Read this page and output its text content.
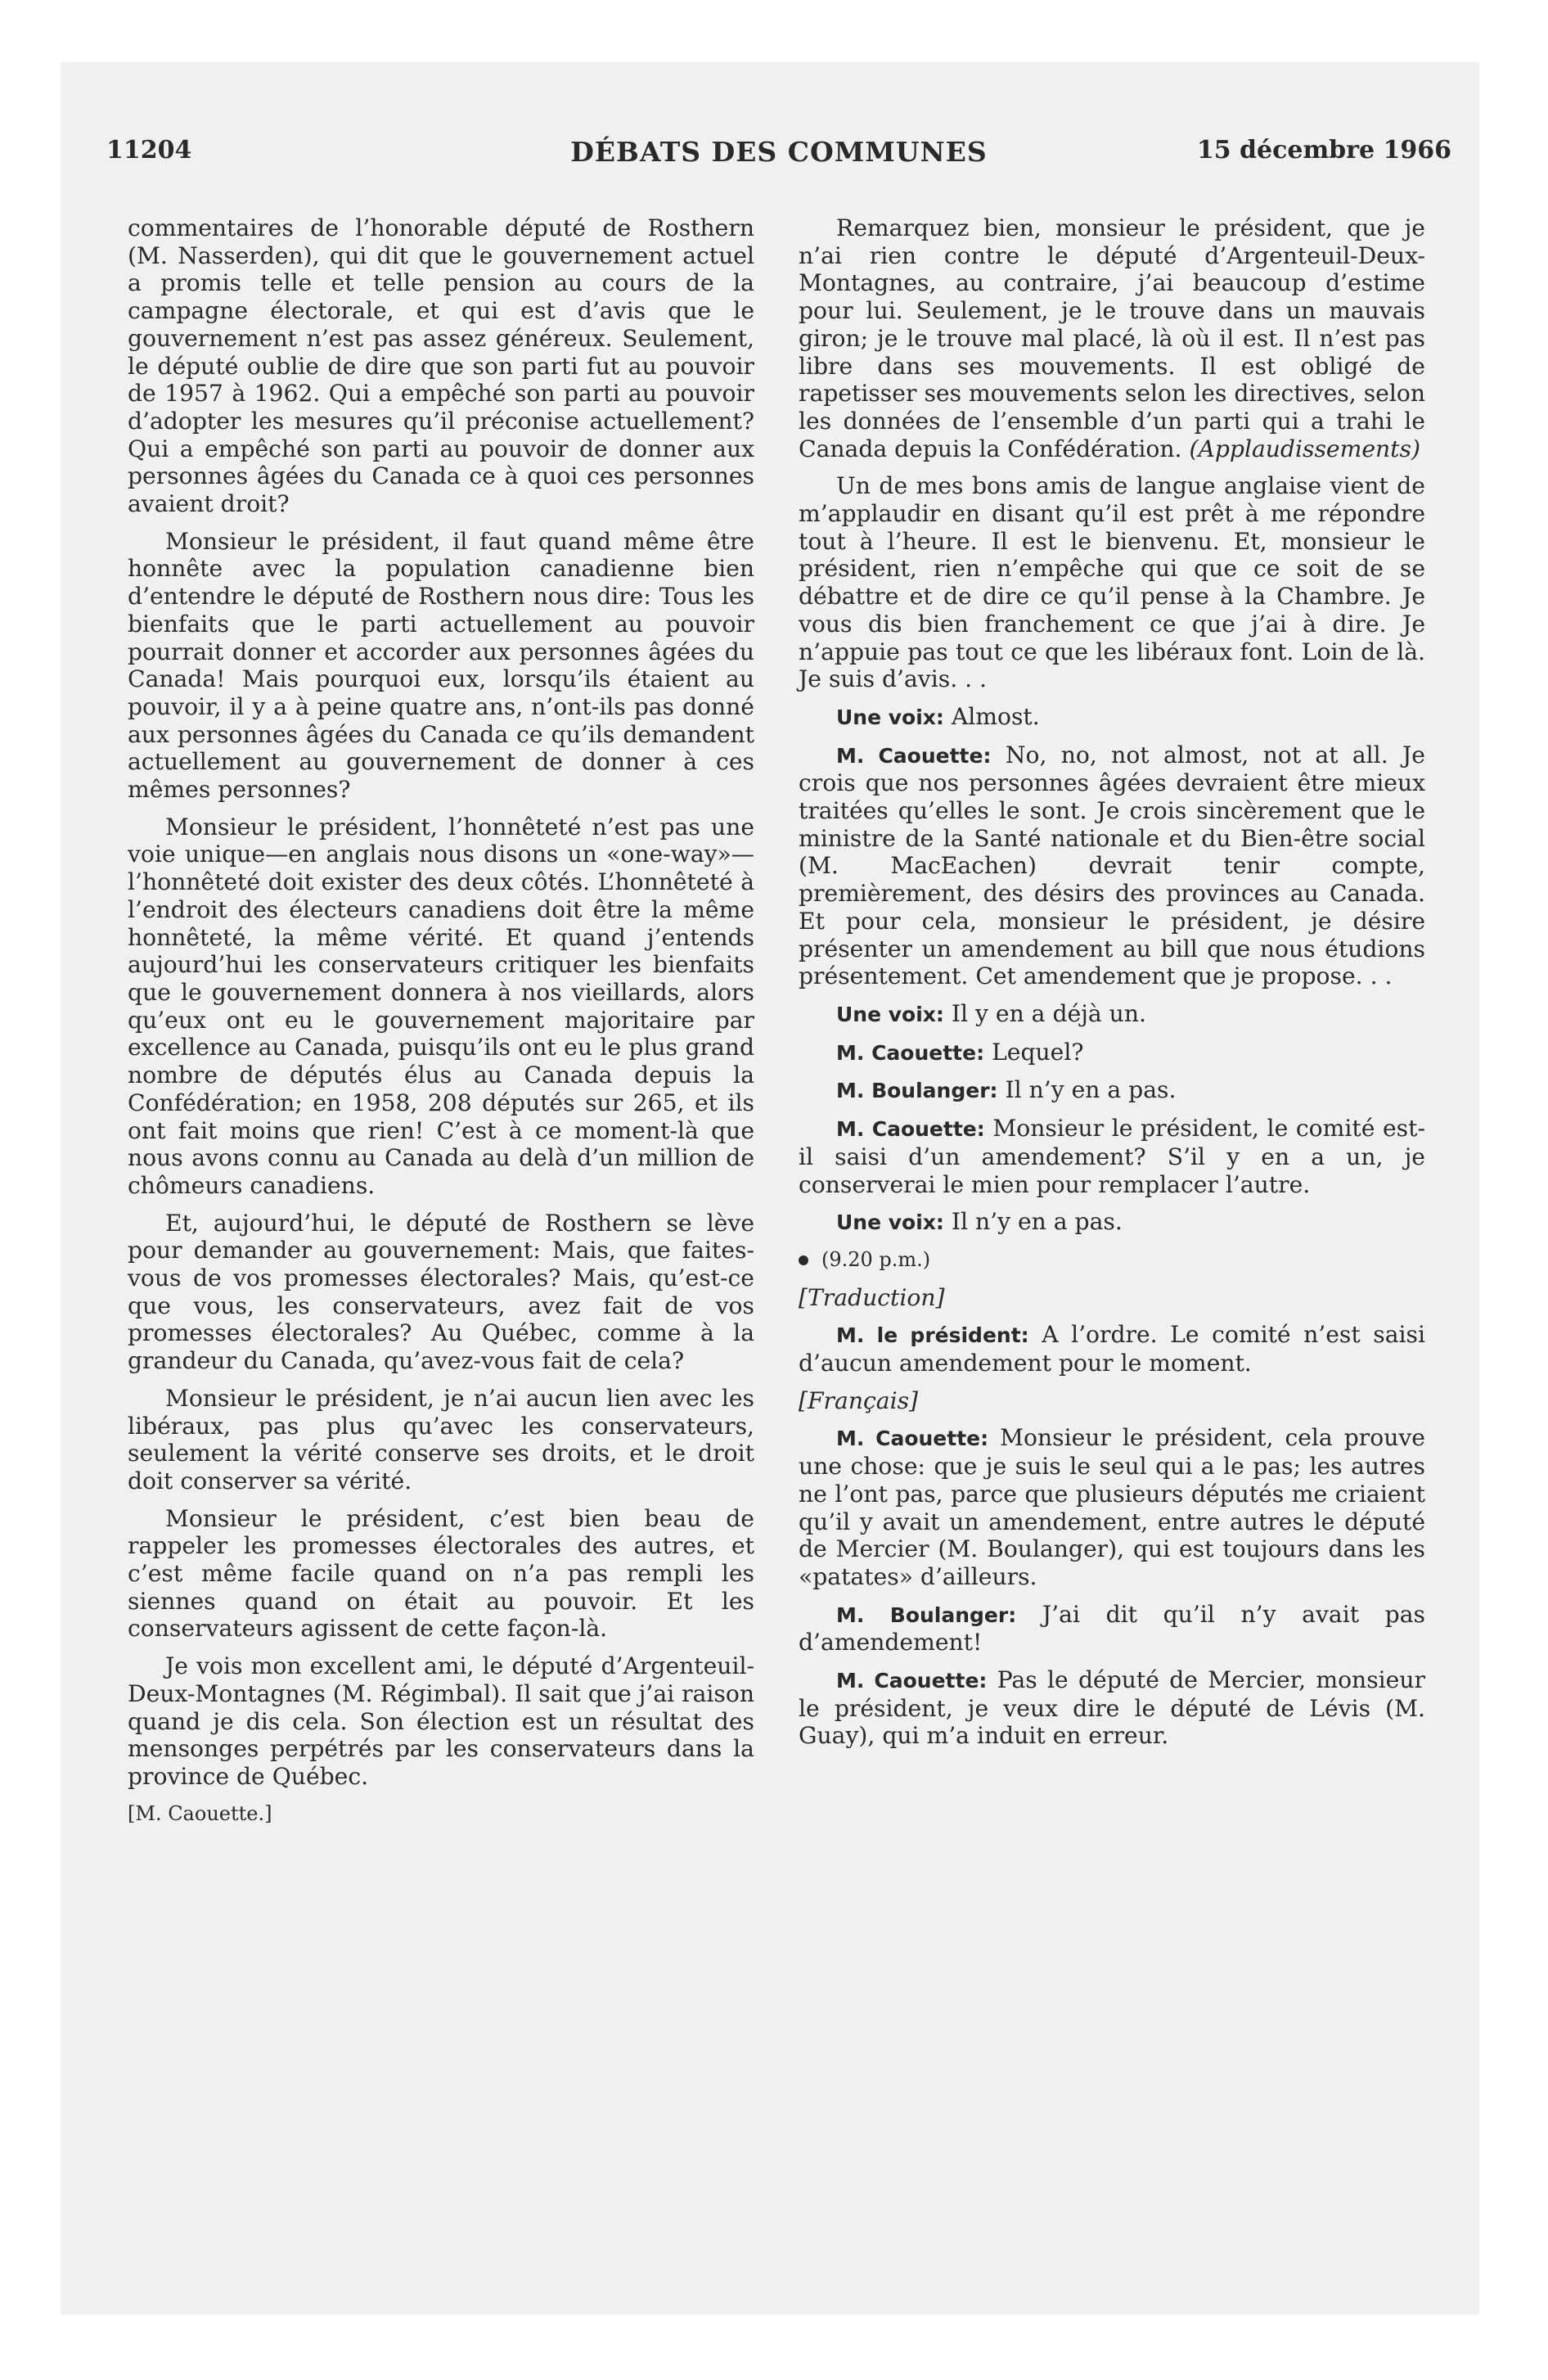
11204	DÉBATS DES COMMUNES	15 décembre 1966

commentaires de l’honorable député de Rosthern (M. Nasserden), qui dit que le gouvernement actuel a promis telle et telle pension au cours de la campagne électorale, et qui est d’avis que le gouvernement n’est pas assez généreux. Seulement, le député oublie de dire que son parti fut au pouvoir de 1957 à 1962. Qui a empêché son parti au pouvoir d’adopter les mesures qu’il préconise actuellement? Qui a empêché son parti au pouvoir de donner aux personnes âgées du Canada ce à quoi ces personnes avaient droit?

Monsieur le président, il faut quand même être honnête avec la population canadienne bien d’entendre le député de Rosthern nous dire: Tous les bienfaits que le parti actuellement au pouvoir pourrait donner et accorder aux personnes âgées du Canada! Mais pourquoi eux, lorsqu’ils étaient au pouvoir, il y a à peine quatre ans, n’ont-ils pas donné aux personnes âgées du Canada ce qu’ils demandent actuellement au gouvernement de donner à ces mêmes personnes?

Monsieur le président, l’honnêteté n’est pas une voie unique—en anglais nous disons un «one-way»—l’honnêteté doit exister des deux côtés. L’honnêteté à l’endroit des électeurs canadiens doit être la même honnêteté, la même vérité. Et quand j’entends aujourd’hui les conservateurs critiquer les bienfaits que le gouvernement donnera à nos vieillards, alors qu’eux ont eu le gouvernement majoritaire par excellence au Canada, puisqu’ils ont eu le plus grand nombre de députés élus au Canada depuis la Confédération; en 1958, 208 députés sur 265, et ils ont fait moins que rien! C’est à ce moment-là que nous avons connu au Canada au delà d’un million de chômeurs canadiens.

Et, aujourd’hui, le député de Rosthern se lève pour demander au gouvernement: Mais, que faites-vous de vos promesses électorales? Mais, qu’est-ce que vous, les conservateurs, avez fait de vos promesses électorales? Au Québec, comme à la grandeur du Canada, qu’avez-vous fait de cela?

Monsieur le président, je n’ai aucun lien avec les libéraux, pas plus qu’avec les conservateurs, seulement la vérité conserve ses droits, et le droit doit conserver sa vérité.

Monsieur le président, c’est bien beau de rappeler les promesses électorales des autres, et c’est même facile quand on n’a pas rempli les siennes quand on était au pouvoir. Et les conservateurs agissent de cette façon-là.

Je vois mon excellent ami, le député d’Argenteuil-Deux-Montagnes (M. Régimbal). Il sait que j’ai raison quand je dis cela. Son élection est un résultat des mensonges perpétrés par les conservateurs dans la province de Québec.

[M. Caouette.]

Remarquez bien, monsieur le président, que je n’ai rien contre le député d’Argenteuil-Deux-Montagnes, au contraire, j’ai beaucoup d’estime pour lui. Seulement, je le trouve dans un mauvais giron; je le trouve mal placé, là où il est. Il n’est pas libre dans ses mouvements. Il est obligé de rapetisser ses mouvements selon les directives, selon les données de l’ensemble d’un parti qui a trahi le Canada depuis la Confédération. (Applaudissements)

Un de mes bons amis de langue anglaise vient de m’applaudir en disant qu’il est prêt à me répondre tout à l’heure. Il est le bienvenu. Et, monsieur le président, rien n’empêche qui que ce soit de se débattre et de dire ce qu’il pense à la Chambre. Je vous dis bien franchement ce que j’ai à dire. Je n’appuie pas tout ce que les libéraux font. Loin de là. Je suis d’avis. . .

Une voix: Almost.

M. Caouette: No, no, not almost, not at all. Je crois que nos personnes âgées devraient être mieux traitées qu’elles le sont. Je crois sincèrement que le ministre de la Santé nationale et du Bien-être social (M. MacEachen) devrait tenir compte, premièrement, des désirs des provinces au Canada. Et pour cela, monsieur le président, je désire présenter un amendement au bill que nous étudions présentement. Cet amendement que je propose. . .

Une voix: Il y en a déjà un.

M. Caouette: Lequel?

M. Boulanger: Il n’y en a pas.

M. Caouette: Monsieur le président, le comité est-il saisi d’un amendement? S’il y en a un, je conserverai le mien pour remplacer l’autre.

Une voix: Il n’y en a pas.

(9.20 p.m.)

[Traduction]

M. le président: A l’ordre. Le comité n’est saisi d’aucun amendement pour le moment.

[Français]

M. Caouette: Monsieur le président, cela prouve une chose: que je suis le seul qui a le pas; les autres ne l’ont pas, parce que plusieurs députés me criaient qu’il y avait un amendement, entre autres le député de Mercier (M. Boulanger), qui est toujours dans les «patates» d’ailleurs.

M. Boulanger: J’ai dit qu’il n’y avait pas d’amendement!

M. Caouette: Pas le député de Mercier, monsieur le président, je veux dire le député de Lévis (M. Guay), qui m’a induit en erreur.
